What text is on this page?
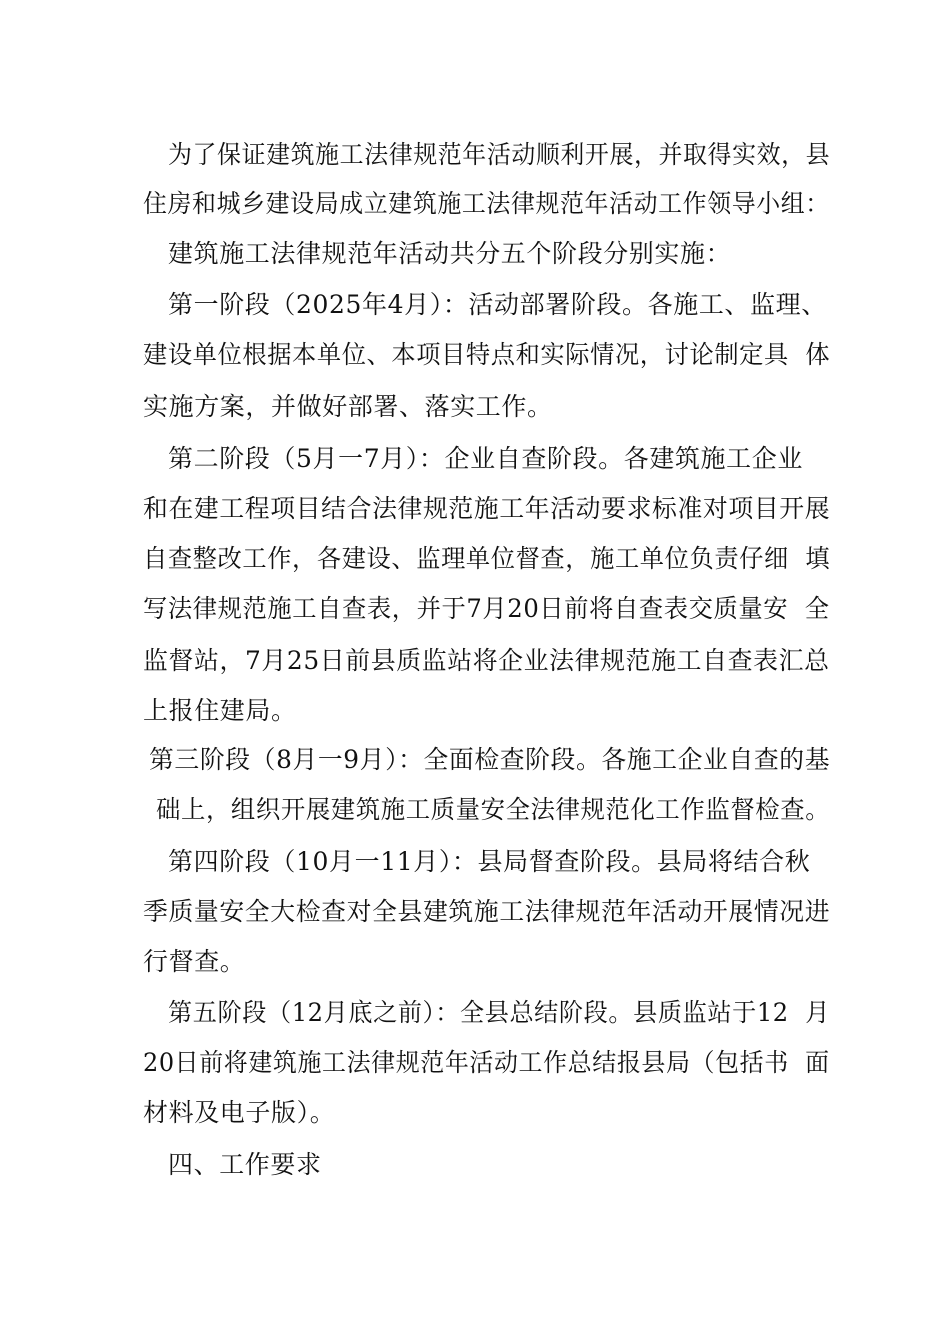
为了保证建筑施工法律规范年活动顺利开展，并取得实效，县

住房和城乡建设局成立建筑施工法律规范年活动工作领导小组：

建筑施工法律规范年活动共分五个阶段分别实施：

第一阶段（2025年4月）：活动部署阶段。各施工、监理、

建设单位根据本单位、本项目特点和实际情况，讨论制定具  体

实施方案，并做好部署、落实工作。

第二阶段（5月一7月）：企业自查阶段。各建筑施工企业

和在建工程项目结合法律规范施工年活动要求标准对项目开展

自查整改工作，各建设、监理单位督查，施工单位负责仔细  填

写法律规范施工自查表，并于7月20日前将自查表交质量安  全

监督站，7月25日前县质监站将企业法律规范施工自查表汇总

上报住建局。

第三阶段（8月一9月）：全面检查阶段。各施工企业自查的基

础上，组织开展建筑施工质量安全法律规范化工作监督检查。

第四阶段（10月一11月）：县局督查阶段。县局将结合秋

季质量安全大检查对全县建筑施工法律规范年活动开展情况进

行督查。

第五阶段（12月底之前）：全县总结阶段。县质监站于12  月

20日前将建筑施工法律规范年活动工作总结报县局（包括书  面

材料及电子版）。

四、工作要求
